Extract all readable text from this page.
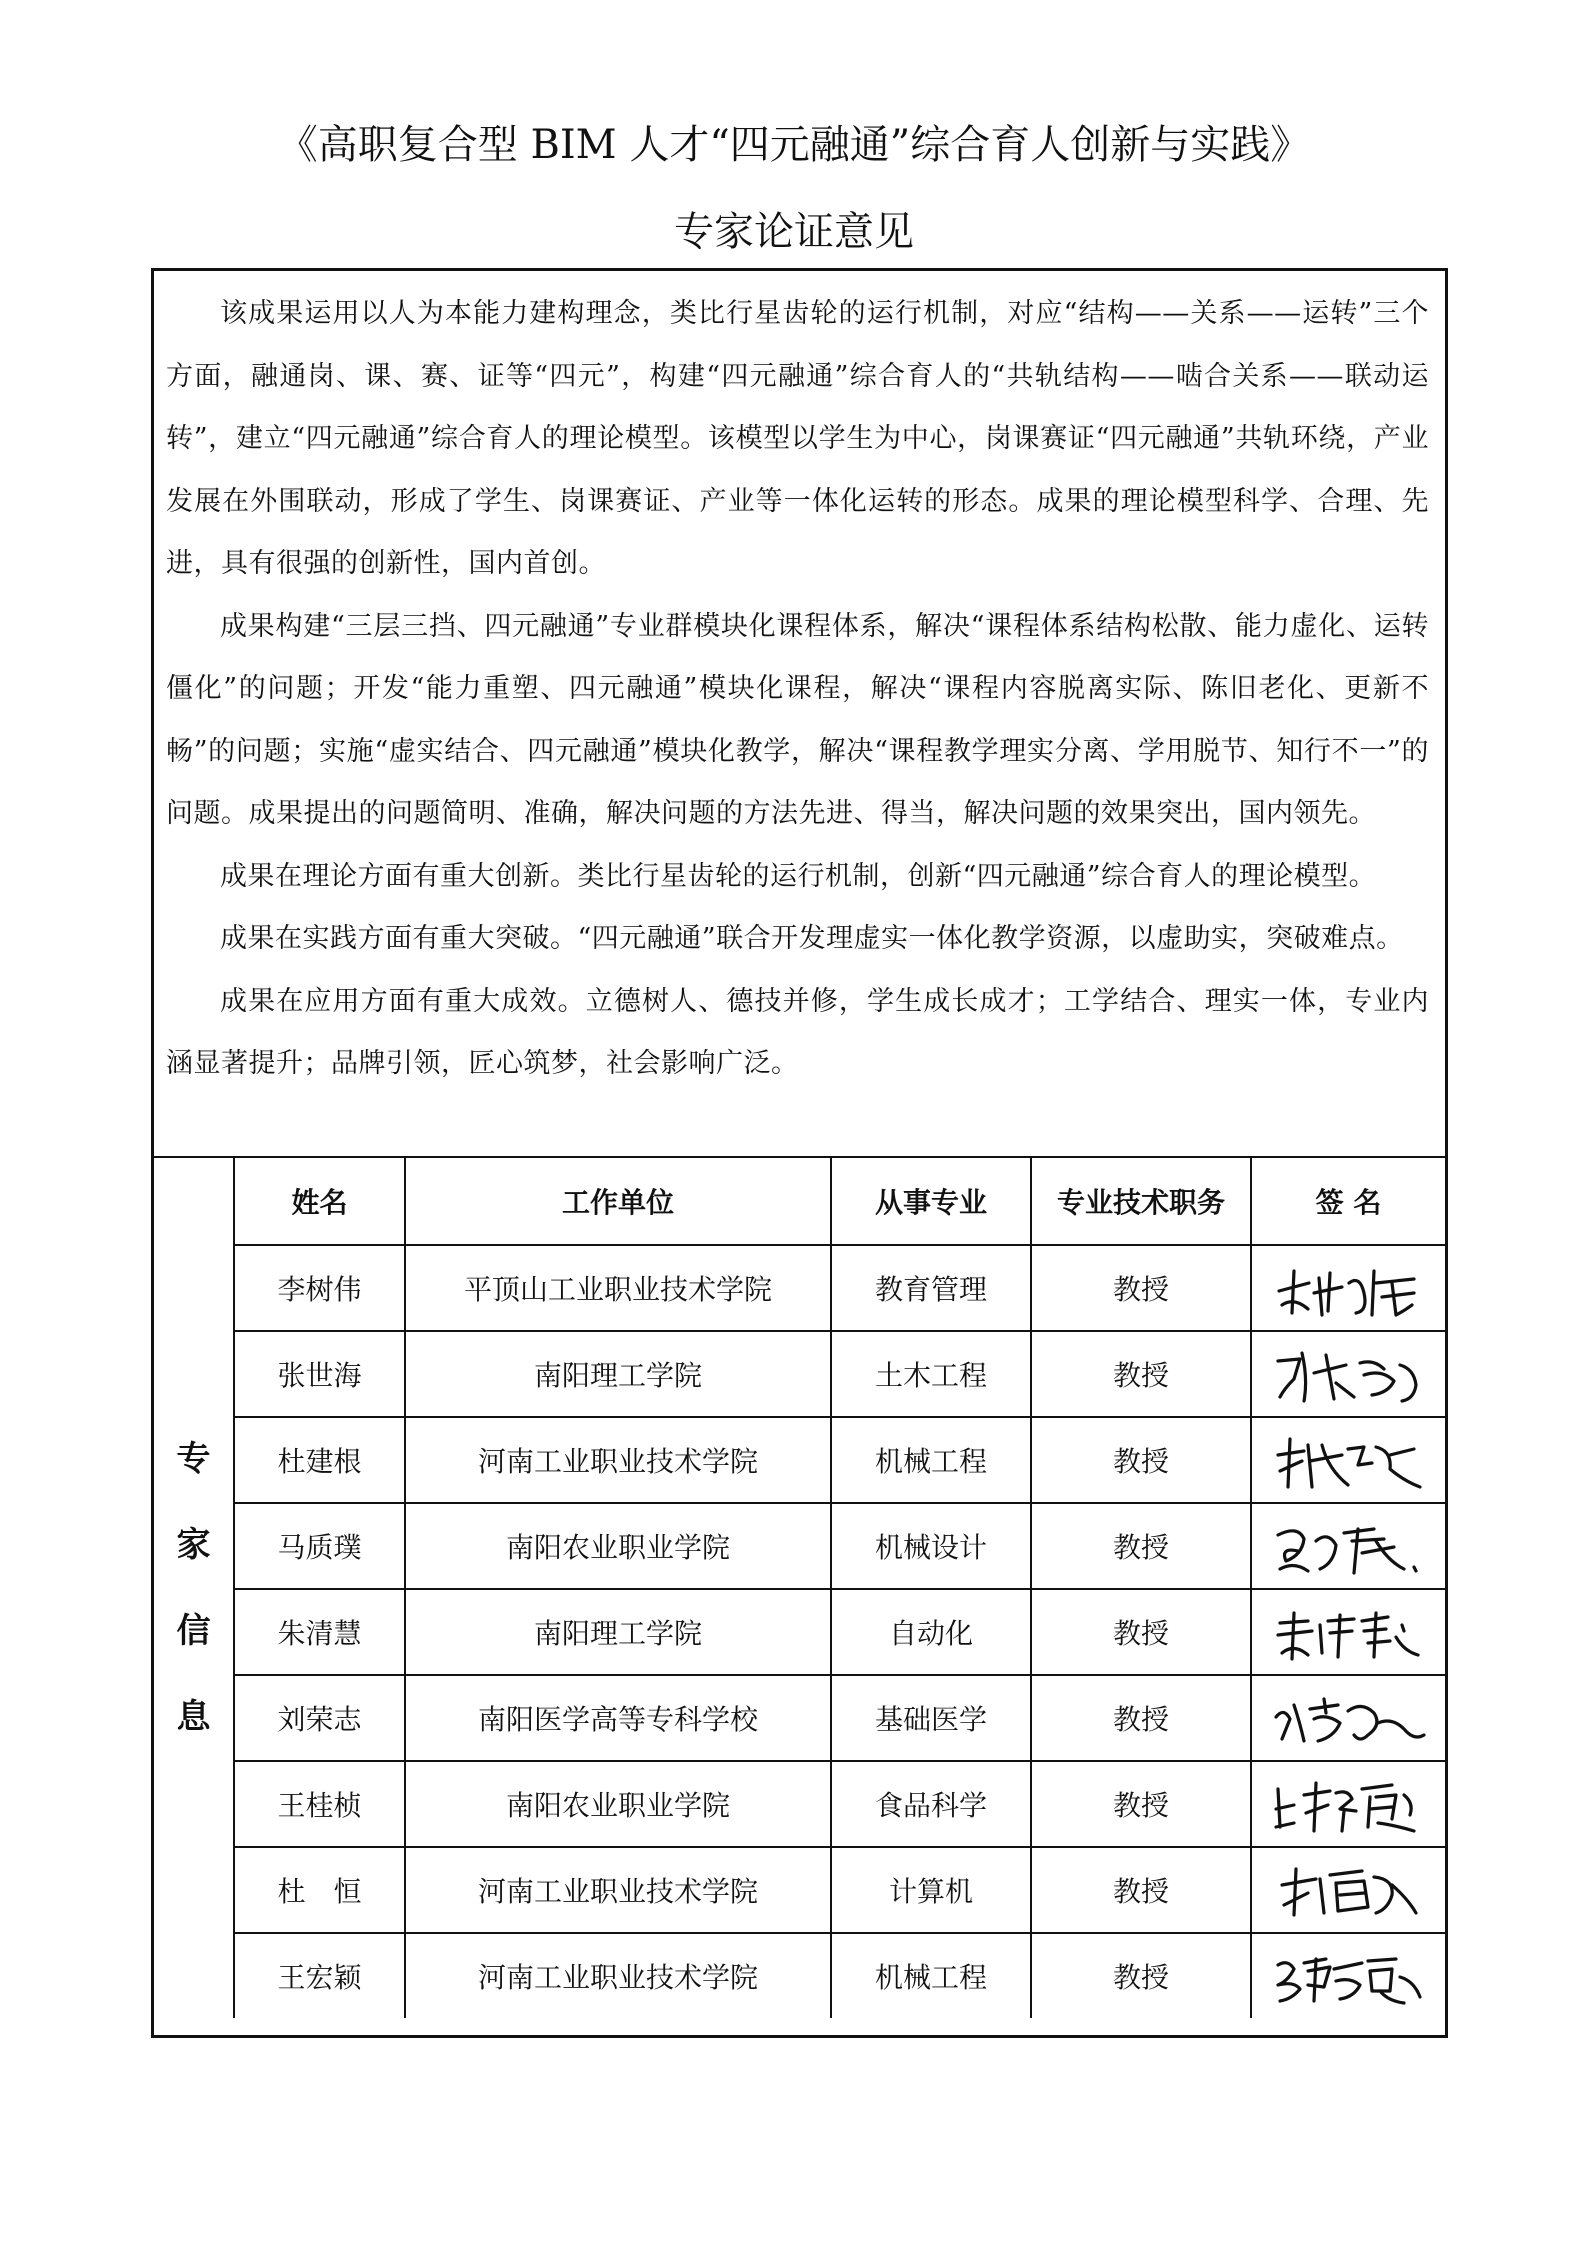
《高职复合型 BIM 人才“四元融通”综合育人创新与实践》
专家论证意见

该成果运用以人为本能力建构理念，类比行星齿轮的运行机制，对应“结构——关系——运转”三个方面，融通岗、课、赛、证等“四元”，构建“四元融通”综合育人的“共轨结构——啮合关系——联动运转”，建立“四元融通”综合育人的理论模型。该模型以学生为中心，岗课赛证“四元融通”共轨环绕，产业发展在外围联动，形成了学生、岗课赛证、产业等一体化运转的形态。成果的理论模型科学、合理、先进，具有很强的创新性，国内首创。

成果构建“三层三挡、四元融通”专业群模块化课程体系，解决“课程体系结构松散、能力虚化、运转僵化”的问题；开发“能力重塑、四元融通”模块化课程，解决“课程内容脱离实际、陈旧老化、更新不畅”的问题；实施“虚实结合、四元融通”模块化教学，解决“课程教学理实分离、学用脱节、知行不一”的问题。成果提出的问题简明、准确，解决问题的方法先进、得当，解决问题的效果突出，国内领先。

成果在理论方面有重大创新。类比行星齿轮的运行机制，创新“四元融通”综合育人的理论模型。

成果在实践方面有重大突破。“四元融通”联合开发理虚实一体化教学资源，以虚助实，突破难点。

成果在应用方面有重大成效。立德树人、德技并修，学生成长成才；工学结合、理实一体，专业内涵显著提升；品牌引领，匠心筑梦，社会影响广泛。

专
家
信
息	姓名	工作单位	从事专业	专业技术职务	签 名
	李树伟	平顶山工业职业技术学院	教育管理	教授	

	张世海	南阳理工学院	土木工程	教授	

	杜建根	河南工业职业技术学院	机械工程	教授	

	马质璞	南阳农业职业学院	机械设计	教授	

	朱清慧	南阳理工学院	自动化	教授	

	刘荣志	南阳医学高等专科学校	基础医学	教授	

	王桂桢	南阳农业职业学院	食品科学	教授	

	杜　恒	河南工业职业技术学院	计算机	教授	

	王宏颖	河南工业职业技术学院	机械工程	教授	
